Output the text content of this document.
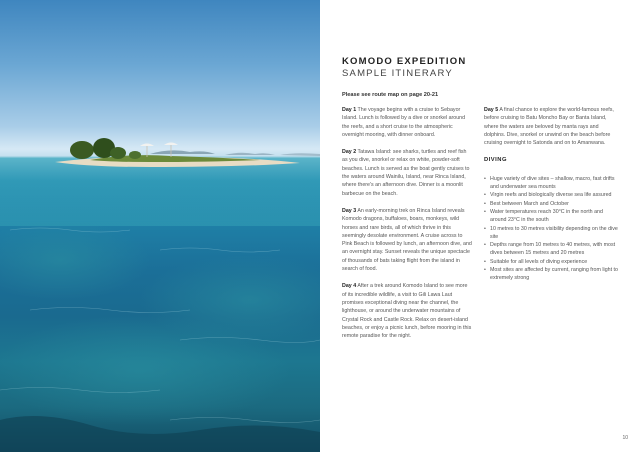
KOMODO EXPEDITION
SAMPLE ITINERARY
Please see route map on page 20-21

Day 1 The voyage begins with a cruise to Sebayor Island. Lunch is followed by a dive or snorkel around the reefs, and a short cruise to the atmospheric overnight mooring, with dinner onboard.

Day 2 Tatawa Island: see sharks, turtles and reef fish as you dive, snorkel or relax on white, powder-soft beaches. Lunch is served as the boat gently cruises to the waters around Wainilu, Island, near Rinca Island, where there's an afternoon dive. Dinner is a moonlit barbecue on the beach.

Day 3 An early-morning trek on Rinca Island reveals Komodo dragons, buffaloes, boars, monkeys, wild horses and rare birds, all of which thrive in this seemingly desolate environment. A cruise across to Pink Beach is followed by lunch, an afternoon dive, and an overnight stay. Sunset reveals the unique spectacle of thousands of bats taking flight from the island in search of food.

Day 4 After a trek around Komodo Island to see more of its incredible wildlife, a visit to Gili Lawa Laut promises exceptional diving near the channel, the lighthouse, or around the underwater mountains of Crystal Rock and Castle Rock. Relax on desert-island beaches, or enjoy a picnic lunch, before mooring in this remote paradise for the night.

Day 5 A final chance to explore the world-famous reefs, before cruising to Batu Moncho Bay or Banta Island, where the waters are beloved by manta rays and dolphins. Dive, snorkel or unwind on the beach before cruising overnight to Satonda and on to Amanwana.

DIVING
• Huge variety of dive sites – shallow, macro, fast drifts and underwater sea mounts
• Virgin reefs and biologically diverse sea life assured
• Best between March and October
• Water temperatures reach 30°C in the north and around 23°C in the south
• 10 metres to 30 metres visibility depending on the dive site
• Depths range from 10 metres to 40 metres, with most dives between 15 metres and 20 metres
• Suitable for all levels of diving experience
• Most sites are affected by current, ranging from light to extremely strong
10
